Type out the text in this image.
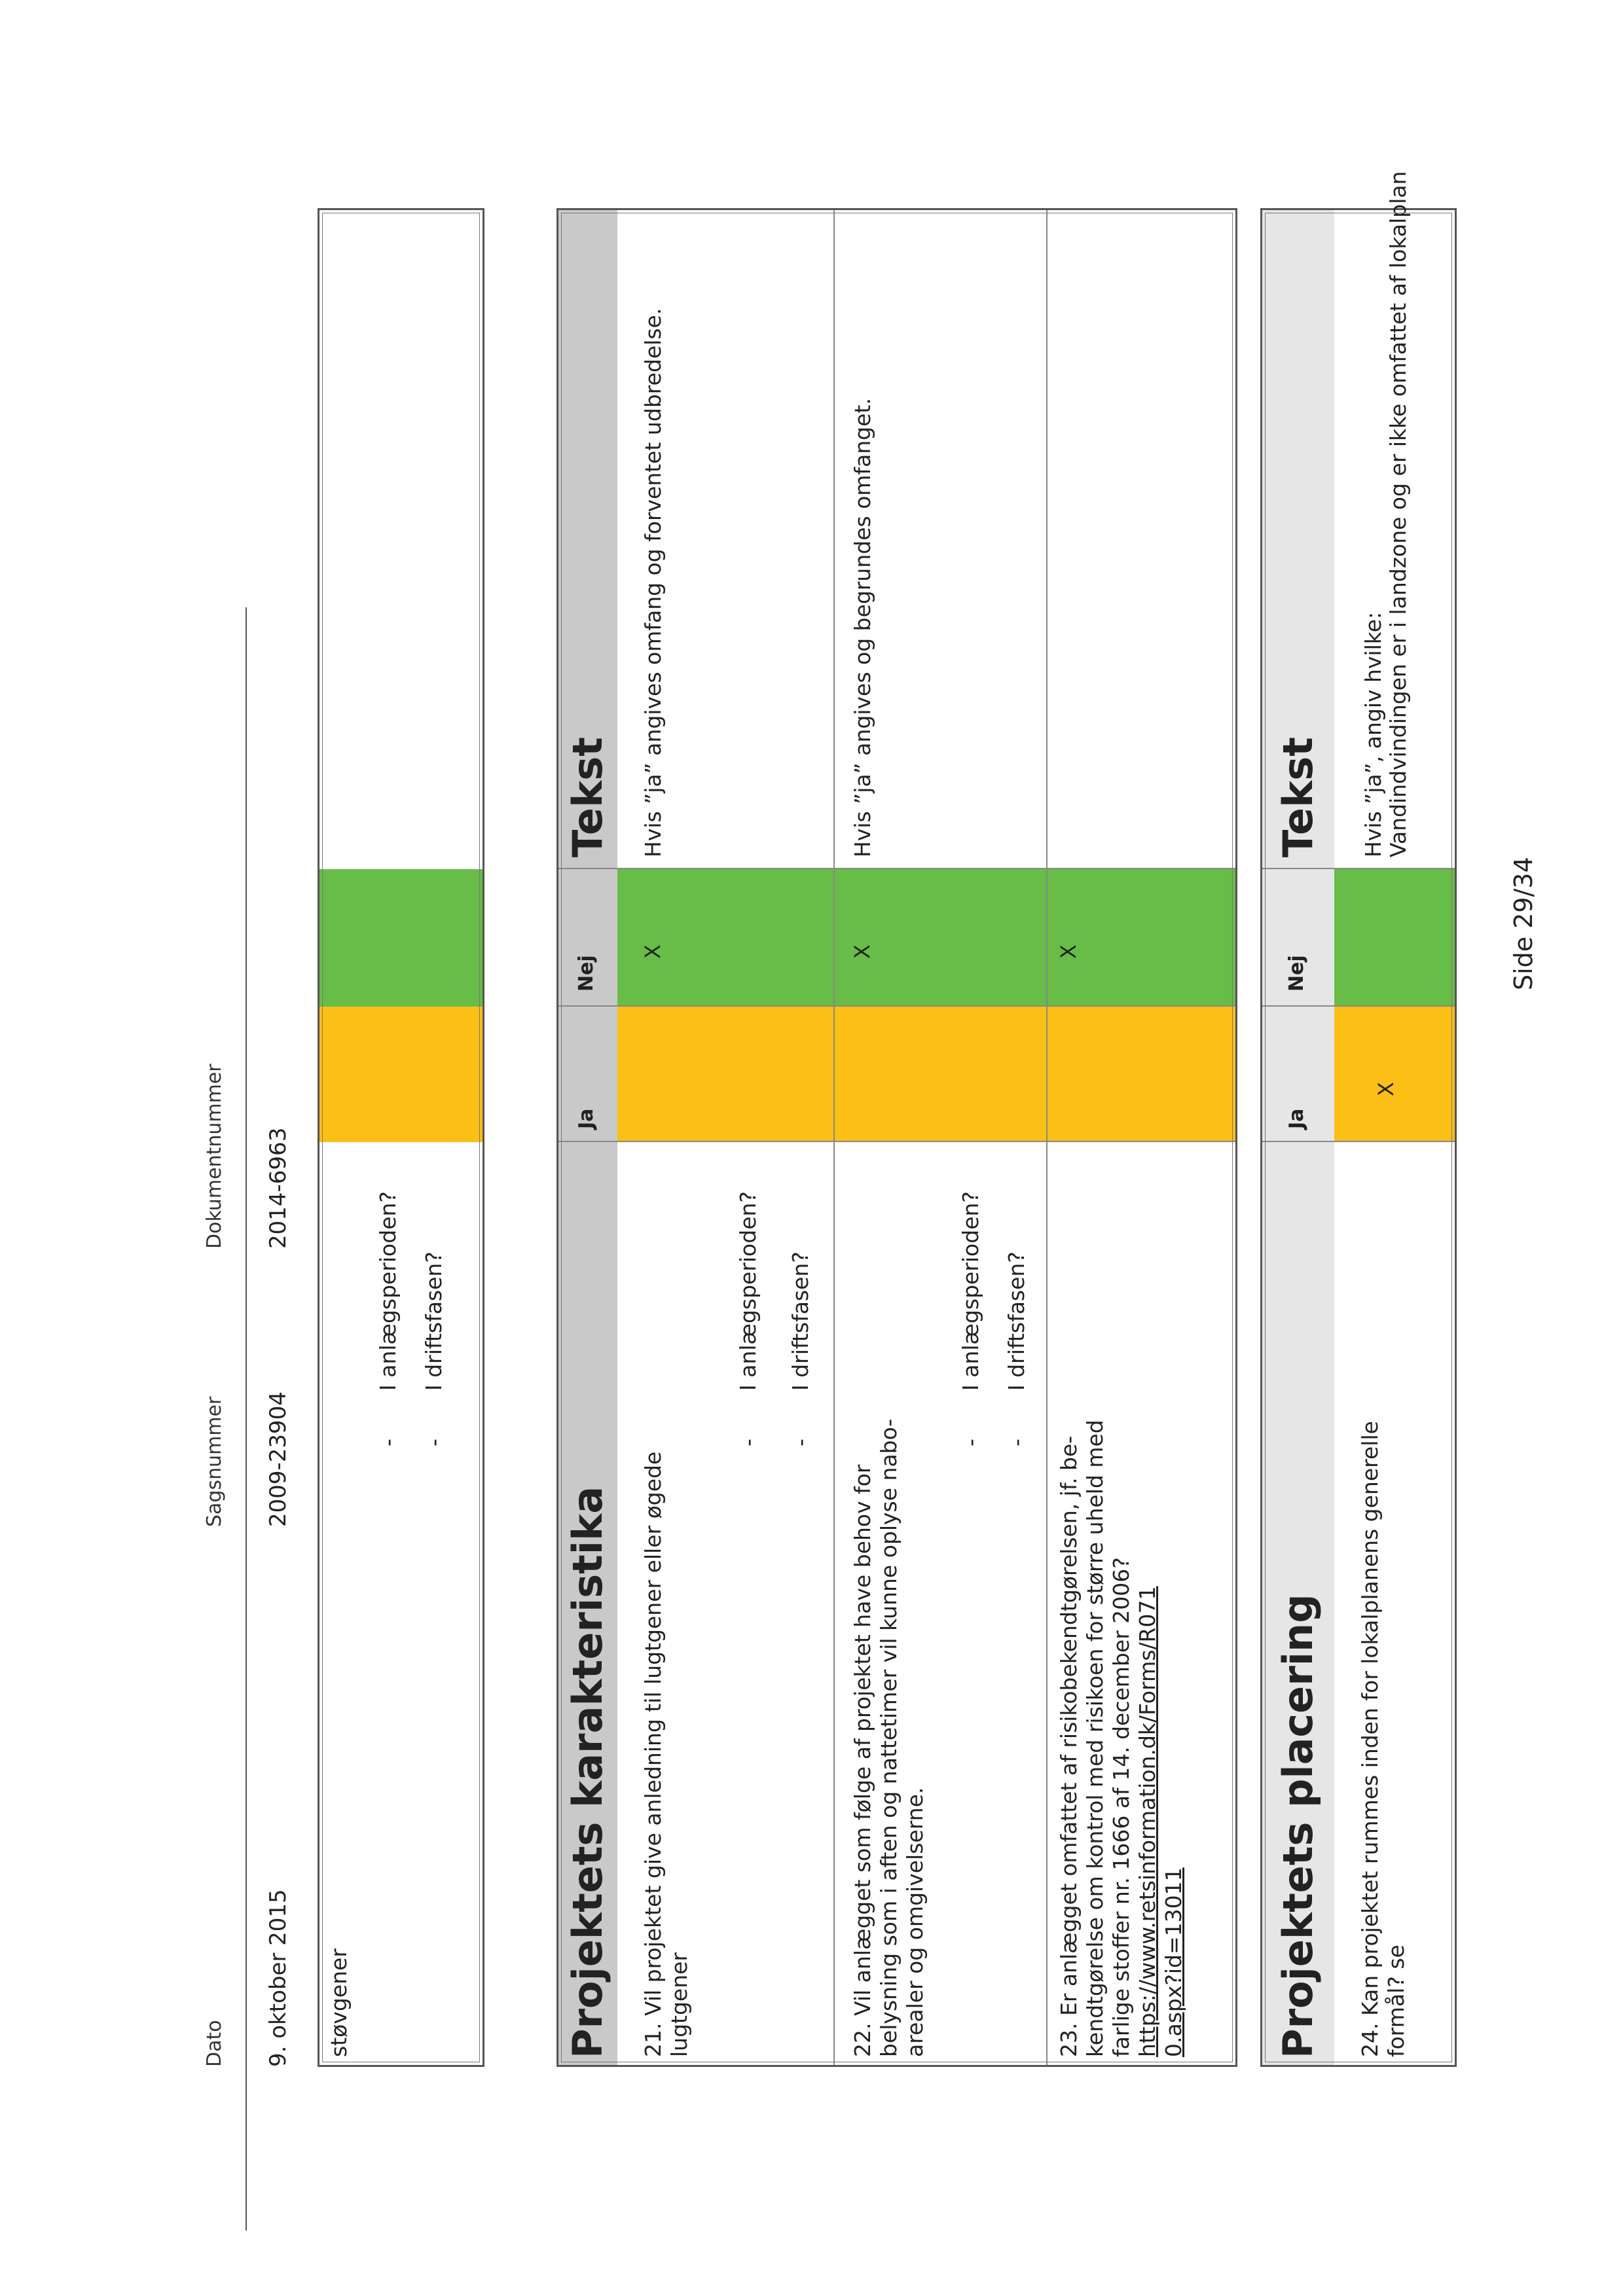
Dato 9. oktober 2015
Sagsnummer 2009-23904
Dokumentnummer 2014-6963
støvgener
- -
I anlægsperioden? I driftsfasen?
Projektets karakteristika
Ja
Nej
Tekst
21. Vil projektet give anledning til lugtgener eller øgede lugtgener
-
I anlægsperioden?
-
I driftsfasen?
X
Hvis ”ja” angives omfang og forventet udbredelse.
22. Vil anlægget som følge af projektet have behov for belysning som i aften og nattetimer vil kunne oplyse nabo-arealer og omgivelserne.
-
I anlægsperioden?
-
I driftsfasen?
X
Hvis ”ja” angives og begrundes omfanget.
23. Er anlægget omfattet af risikobekendtgørelsen, jf. be-kendtgørelse om kontrol med risikoen for større uheld med farlige stoffer nr. 1666 af 14. december 2006? https://www.retsinformation.dk/Forms/R0710.aspx?id=13011
X
Projektets placering
Ja
Nej
Tekst
24. Kan projektet rummes inden for lokalplanens generelle formål? se
X
Hvis ”ja”, angiv hvilke: Vandindvindingen er i landzone og er ikke omfattet af lokalplan
Side 29/34
